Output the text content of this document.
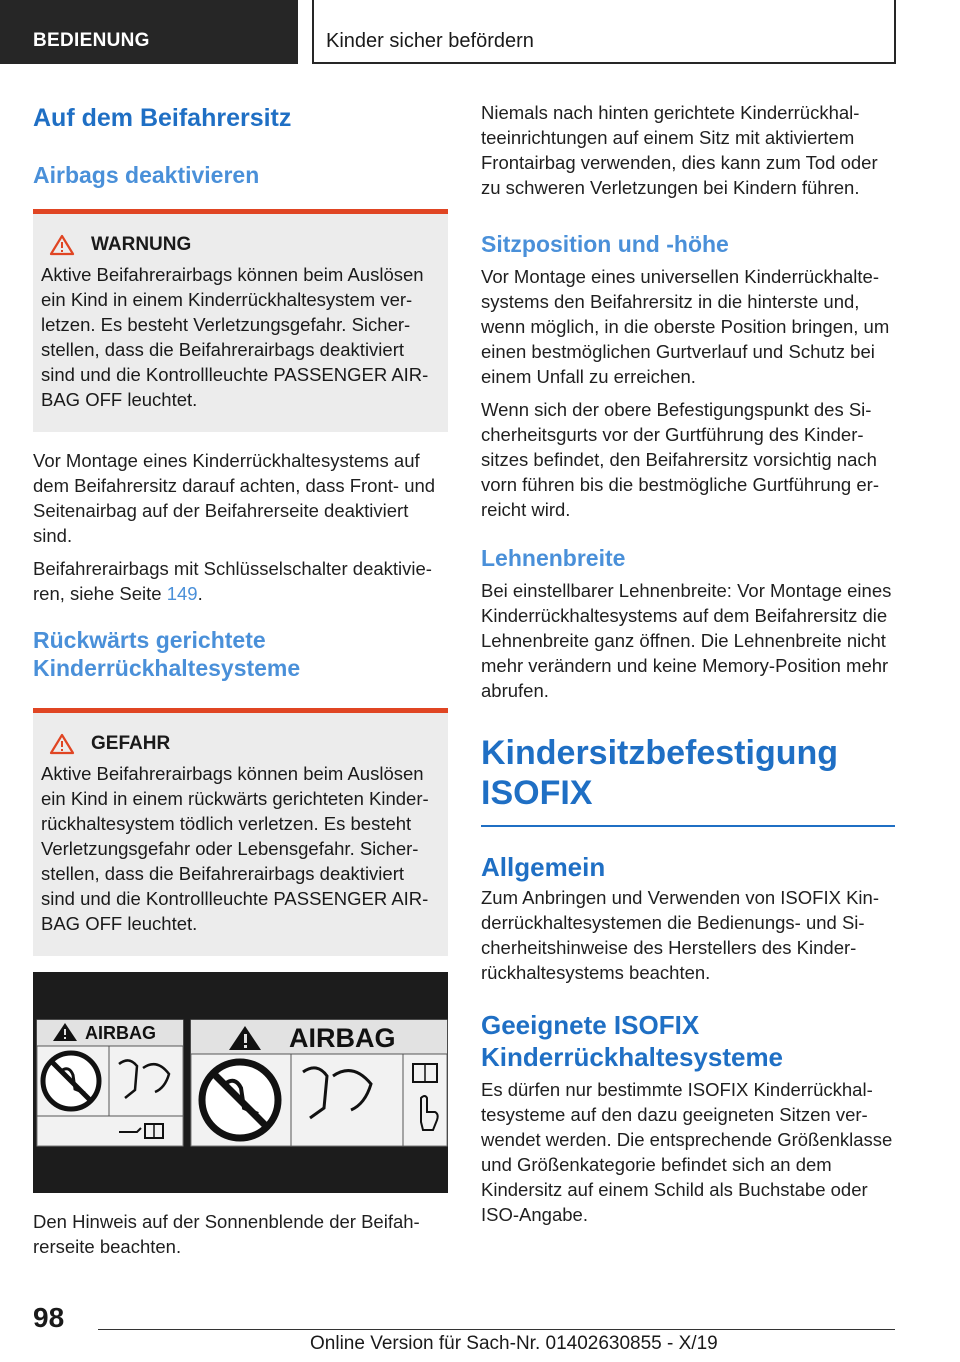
BEDIENUNG	Kinder sicher befördern
Auf dem Beifahrersitz
Airbags deaktivieren
WARNUNG
Aktive Beifahrerairbags können beim Auslösen ein Kind in einem Kinderrückhaltesystem verletzen. Es besteht Verletzungsgefahr. Sicherstellen, dass die Beifahrerairbags deaktiviert sind und die Kontrollleuchte PASSENGER AIRBAG OFF leuchtet.

Vor Montage eines Kinderrückhaltesystems auf dem Beifahrersitz darauf achten, dass Front- und Seitenairbag auf der Beifahrerseite deaktiviert sind.

Beifahrerairbags mit Schlüsselschalter deaktivieren, siehe Seite 149.

Rückwärts gerichtete Kinderrückhaltesysteme
GEFAHR
Aktive Beifahrerairbags können beim Auslösen ein Kind in einem rückwärts gerichteten Kinderrückhaltesystem tödlich verletzen. Es besteht Verletzungsgefahr oder Lebensgefahr. Sicherstellen, dass die Beifahrerairbags deaktiviert sind und die Kontrollleuchte PASSENGER AIRBAG OFF leuchtet.
AIRBAG	AIRBAG

Den Hinweis auf der Sonnenblende der Beifahrerseite beachten.

Niemals nach hinten gerichtete Kinderrückhalteeinrichtungen auf einem Sitz mit aktiviertem Frontairbag verwenden, dies kann zum Tod oder zu schweren Verletzungen bei Kindern führen.

Sitzposition und -höhe

Vor Montage eines universellen Kinderrückhaltesystems den Beifahrersitz in die hinterste und, wenn möglich, in die oberste Position bringen, um einen bestmöglichen Gurtverlauf und Schutz bei einem Unfall zu erreichen.

Wenn sich der obere Befestigungspunkt des Sicherheitsgurts vor der Gurtführung des Kindersitzes befindet, den Beifahrersitz vorsichtig nach vorn führen bis die bestmögliche Gurtführung erreicht wird.

Lehnenbreite

Bei einstellbarer Lehnenbreite: Vor Montage eines Kinderrückhaltesystems auf dem Beifahrersitz die Lehnenbreite ganz öffnen. Die Lehnenbreite nicht mehr verändern und keine Memory-Position mehr abrufen.

Kindersitzbefestigung ISOFIX
Allgemein

Zum Anbringen und Verwenden von ISOFIX Kinderrückhaltesystemen die Bedienungs- und Sicherheitshinweise des Herstellers des Kinderrückhaltesystems beachten.

Geeignete ISOFIX Kinderrückhaltesysteme

Es dürfen nur bestimmte ISOFIX Kinderrückhaltesysteme auf den dazu geeigneten Sitzen verwendet werden. Die entsprechende Größenklasse und Größenkategorie befindet sich an dem Kindersitz auf einem Schild als Buchstabe oder ISO-Angabe.

98
Online Version für Sach-Nr. 01402630855 - X/19
